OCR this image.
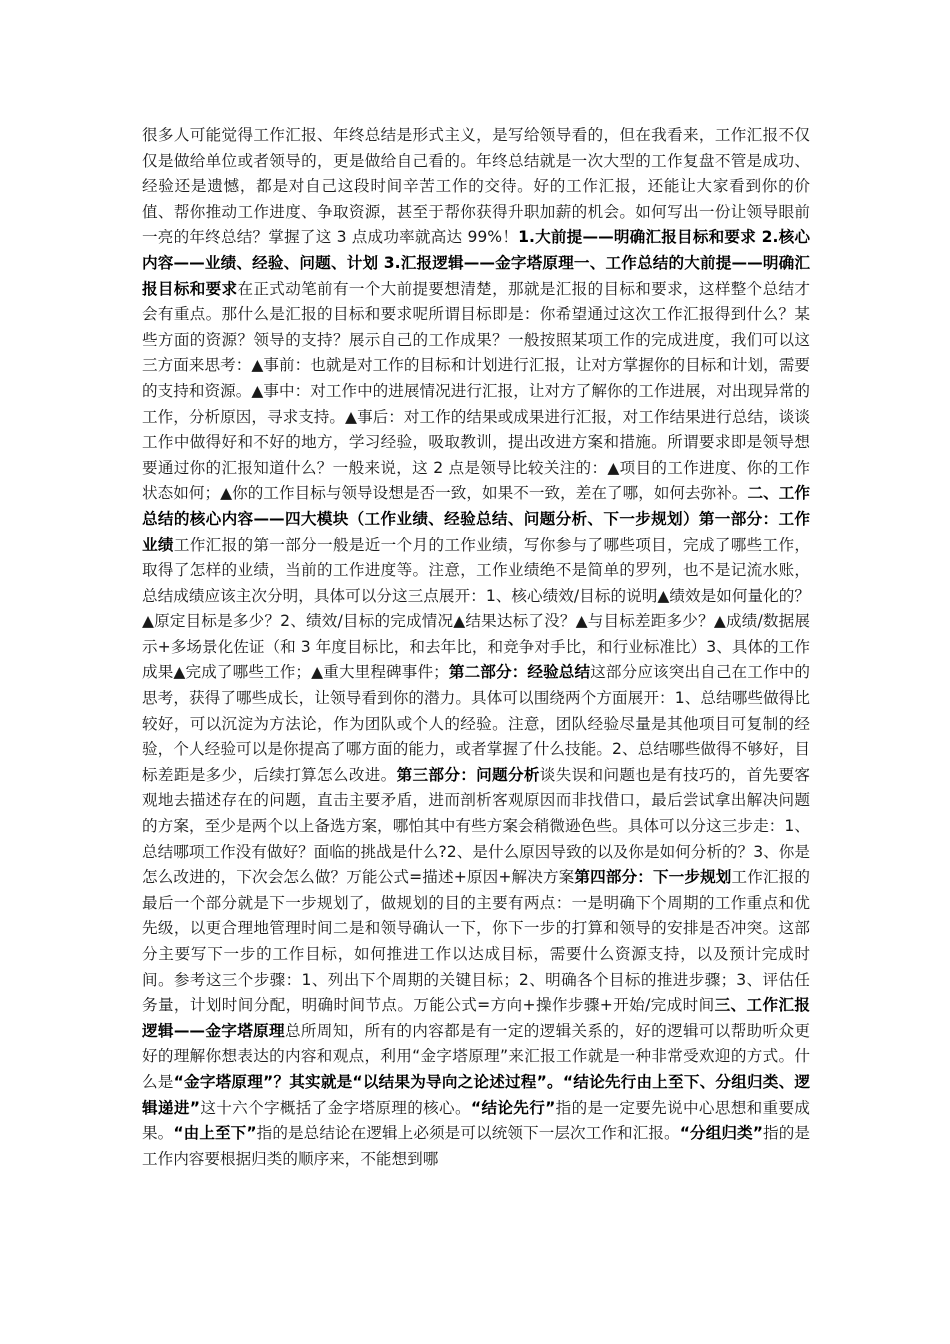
很多人可能觉得工作汇报、年终总结是形式主义，是写给领导看的，但在我看来，工作汇报不仅仅是做给单位或者领导的，更是做给自己看的。年终总结就是一次大型的工作复盘不管是成功、经验还是遗憾，都是对自己这段时间辛苦工作的交待。好的工作汇报，还能让大家看到你的价值、帮你推动工作进度、争取资源，甚至于帮你获得升职加薪的机会。如何写出一份让领导眼前一亮的年终总结？掌握了这 3 点成功率就高达 99%！1.大前提——明确汇报目标和要求 2.核心内容——业绩、经验、问题、计划 3.汇报逻辑——金字塔原理一、工作总结的大前提——明确汇报目标和要求在正式动笔前有一个大前提要想清楚，那就是汇报的目标和要求，这样整个总结才会有重点。那什么是汇报的目标和要求呢所谓目标即是：你希望通过这次工作汇报得到什么？某些方面的资源？领导的支持？展示自己的工作成果？一般按照某项工作的完成进度，我们可以这三方面来思考：▲事前：也就是对工作的目标和计划进行汇报，让对方掌握你的目标和计划，需要的支持和资源。▲事中：对工作中的进展情况进行汇报，让对方了解你的工作进展，对出现异常的工作，分析原因，寻求支持。▲事后：对工作的结果或成果进行汇报，对工作结果进行总结，谈谈工作中做得好和不好的地方，学习经验，吸取教训，提出改进方案和措施。所谓要求即是领导想要通过你的汇报知道什么？一般来说，这 2 点是领导比较关注的：▲项目的工作进度、你的工作状态如何；▲你的工作目标与领导设想是否一致，如果不一致，差在了哪，如何去弥补。二、工作总结的核心内容——四大模块（工作业绩、经验总结、问题分析、下一步规划）第一部分：工作业绩工作汇报的第一部分一般是近一个月的工作业绩，写你参与了哪些项目，完成了哪些工作，取得了怎样的业绩，当前的工作进度等。注意，工作业绩绝不是简单的罗列，也不是记流水账，总结成绩应该主次分明，具体可以分这三点展开：1、核心绩效/目标的说明▲绩效是如何量化的？▲原定目标是多少？2、绩效/目标的完成情况▲结果达标了没？▲与目标差距多少？▲成绩/数据展示+多场景化佐证（和 3 年度目标比，和去年比，和竞争对手比，和行业标准比）3、具体的工作成果▲完成了哪些工作；▲重大里程碑事件；第二部分：经验总结这部分应该突出自己在工作中的思考，获得了哪些成长，让领导看到你的潜力。具体可以围绕两个方面展开：1、总结哪些做得比较好，可以沉淀为方法论，作为团队或个人的经验。注意，团队经验尽量是其他项目可复制的经验，个人经验可以是你提高了哪方面的能力，或者掌握了什么技能。2、总结哪些做得不够好，目标差距是多少，后续打算怎么改进。第三部分：问题分析谈失误和问题也是有技巧的，首先要客观地去描述存在的问题，直击主要矛盾，进而剖析客观原因而非找借口，最后尝试拿出解决问题的方案，至少是两个以上备选方案，哪怕其中有些方案会稍微逊色些。具体可以分这三步走：1、总结哪项工作没有做好？面临的挑战是什么?2、是什么原因导致的以及你是如何分析的？3、你是怎么改进的，下次会怎么做？万能公式=描述+原因+解决方案第四部分：下一步规划工作汇报的最后一个部分就是下一步规划了，做规划的目的主要有两点：一是明确下个周期的工作重点和优先级，以更合理地管理时间二是和领导确认一下，你下一步的打算和领导的安排是否冲突。这部分主要写下一步的工作目标，如何推进工作以达成目标，需要什么资源支持，以及预计完成时间。参考这三个步骤：1、列出下个周期的关键目标；2、明确各个目标的推进步骤；3、评估任务量，计划时间分配，明确时间节点。万能公式=方向+操作步骤+开始/完成时间三、工作汇报逻辑——金字塔原理总所周知，所有的内容都是有一定的逻辑关系的，好的逻辑可以帮助听众更好的理解你想表达的内容和观点，利用“金字塔原理”来汇报工作就是一种非常受欢迎的方式。什么是“金字塔原理”？其实就是“以结果为导向之论述过程”。“结论先行由上至下、分组归类、逻辑递进”这十六个字概括了金字塔原理的核心。“结论先行”指的是一定要先说中心思想和重要成果。“由上至下”指的是总结论在逻辑上必须是可以统领下一层次工作和汇报。“分组归类”指的是工作内容要根据归类的顺序来，不能想到哪
